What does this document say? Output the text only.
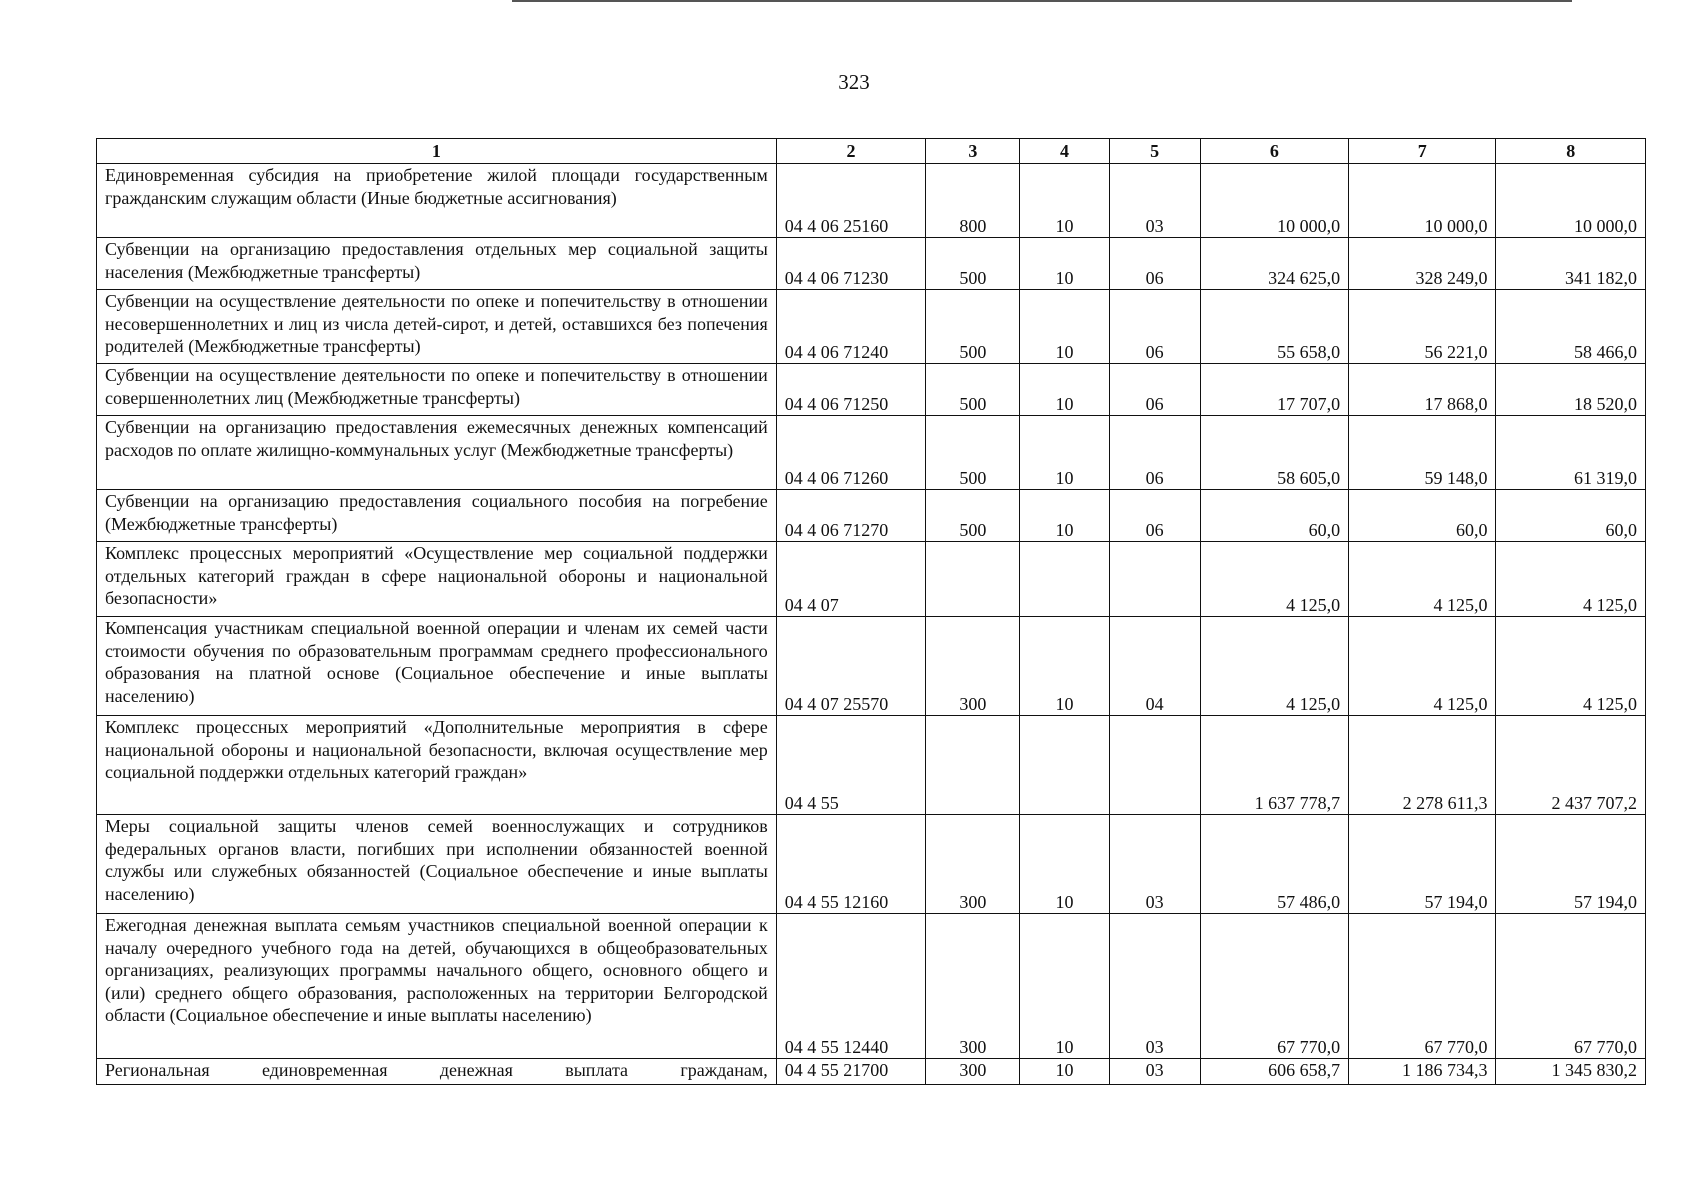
323
1	2	3	4	5	6	7	8
Единовременная субсидия на приобретение жилой площади государственным гражданским служащим области (Иные бюджетные ассигнования)	04 4 06 25160	800	10	03	10 000,0	10 000,0	10 000,0
Субвенции на организацию предоставления отдельных мер социальной защиты населения (Межбюджетные трансферты)	04 4 06 71230	500	10	06	324 625,0	328 249,0	341 182,0
Субвенции на осуществление деятельности по опеке и попечительству в отношении несовершеннолетних и лиц из числа детей-сирот, и детей, оставшихся без попечения родителей (Межбюджетные трансферты)	04 4 06 71240	500	10	06	55 658,0	56 221,0	58 466,0
Субвенции на осуществление деятельности по опеке и попечительству в отношении совершеннолетних лиц (Межбюджетные трансферты)	04 4 06 71250	500	10	06	17 707,0	17 868,0	18 520,0
Субвенции на организацию предоставления ежемесячных денежных компенсаций расходов по оплате жилищно-коммунальных услуг (Межбюджетные трансферты)	04 4 06 71260	500	10	06	58 605,0	59 148,0	61 319,0
Субвенции на организацию предоставления социального пособия на погребение (Межбюджетные трансферты)	04 4 06 71270	500	10	06	60,0	60,0	60,0
Комплекс процессных мероприятий «Осуществление мер социальной поддержки отдельных категорий граждан в сфере национальной обороны и национальной безопасности»	04 4 07				4 125,0	4 125,0	4 125,0
Компенсация участникам специальной военной операции и членам их семей части стоимости обучения по образовательным программам среднего профессионального образования на платной основе (Социальное обеспечение и иные выплаты населению)	04 4 07 25570	300	10	04	4 125,0	4 125,0	4 125,0
Комплекс процессных мероприятий «Дополнительные мероприятия в сфере национальной обороны и национальной безопасности, включая осуществление мер социальной поддержки отдельных категорий граждан»	04 4 55				1 637 778,7	2 278 611,3	2 437 707,2
Меры социальной защиты членов семей военнослужащих и сотрудников федеральных органов власти, погибших при исполнении обязанностей военной службы или служебных обязанностей (Социальное обеспечение и иные выплаты населению)	04 4 55 12160	300	10	03	57 486,0	57 194,0	57 194,0
Ежегодная денежная выплата семьям участников специальной военной операции к началу очередного учебного года на детей, обучающихся в общеобразовательных организациях, реализующих программы начального общего, основного общего и (или) среднего общего образования, расположенных на территории Белгородской области (Социальное обеспечение и иные выплаты населению)	04 4 55 12440	300	10	03	67 770,0	67 770,0	67 770,0
Региональная единовременная денежная выплата гражданам,	04 4 55 21700	300	10	03	606 658,7	1 186 734,3	1 345 830,2
